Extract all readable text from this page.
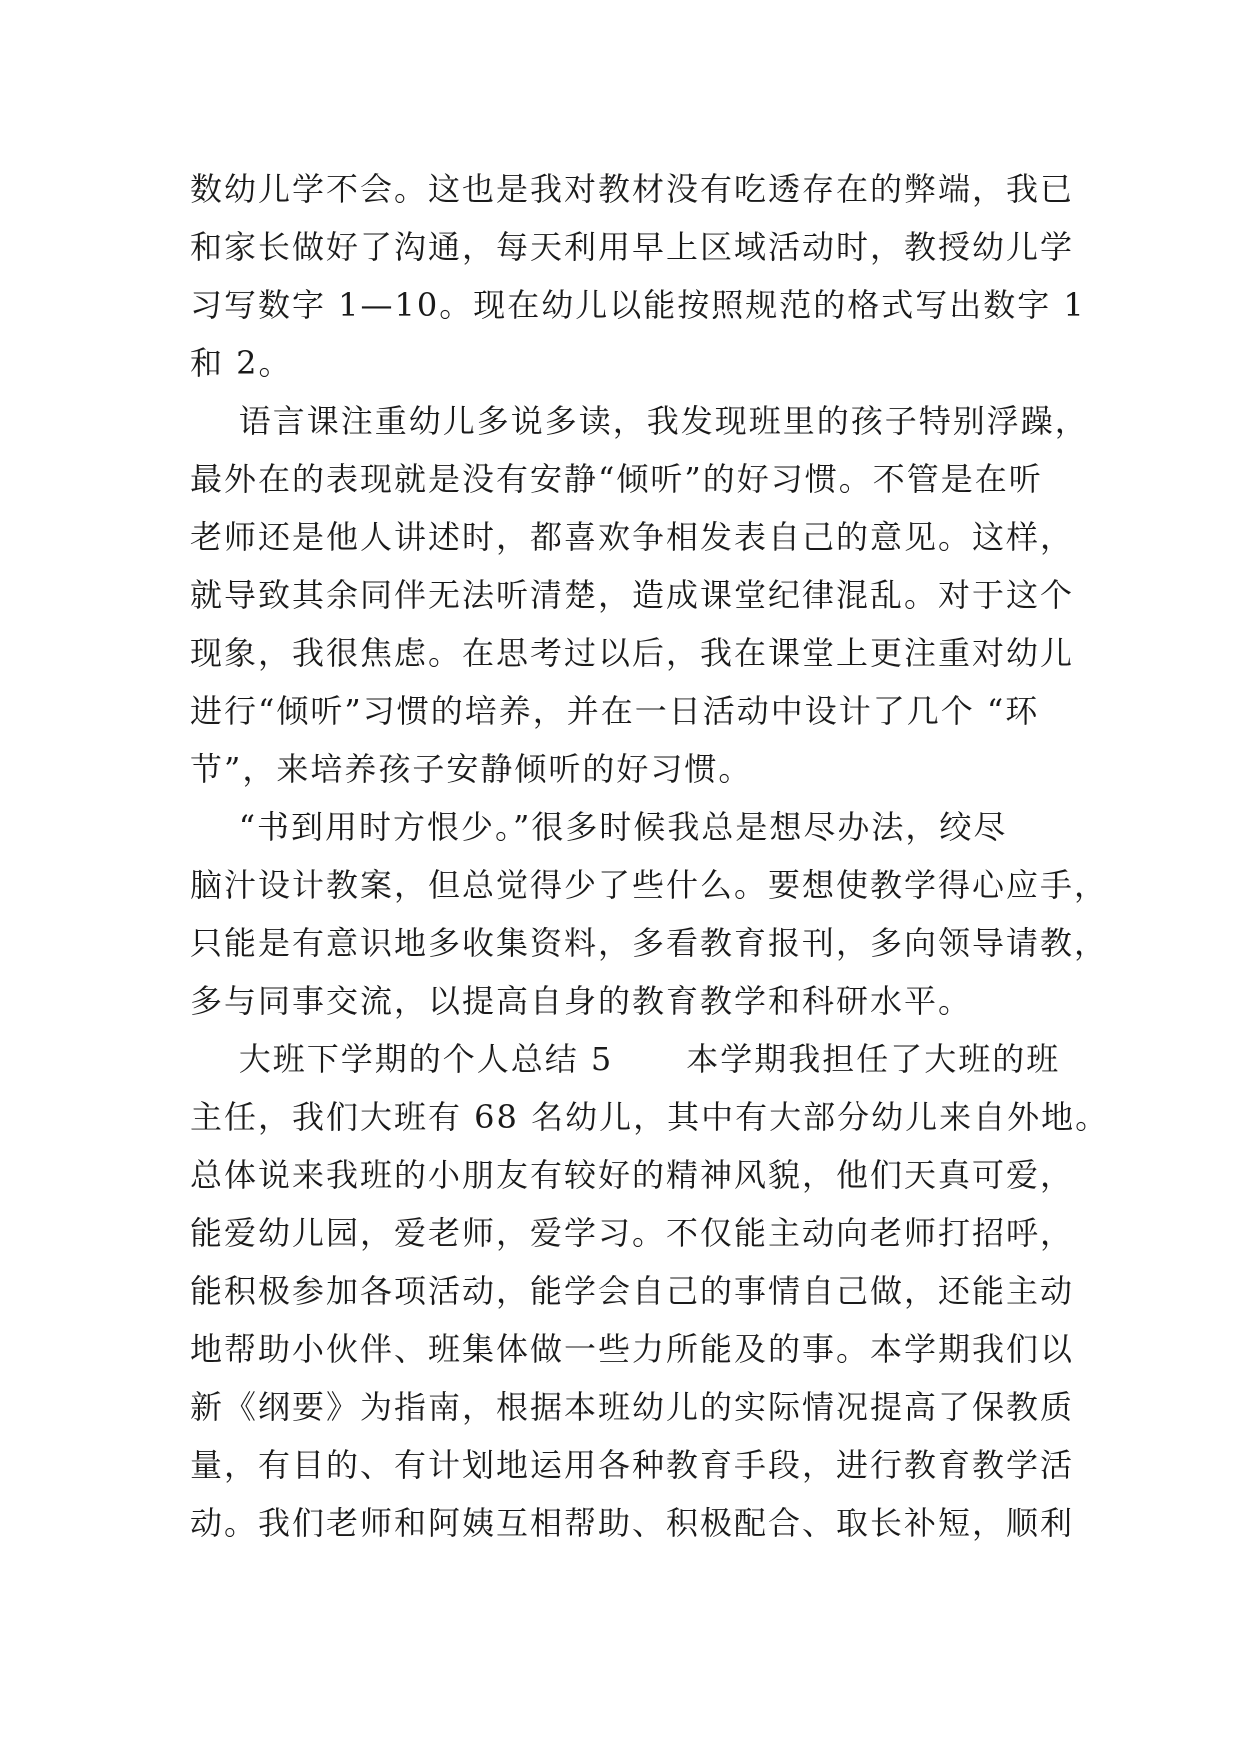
数幼儿学不会。这也是我对教材没有吃透存在的弊端，我已
和家长做好了沟通，每天利用早上区域活动时，教授幼儿学
习写数字 1—10。现在幼儿以能按照规范的格式写出数字 1
和 2。
语言课注重幼儿多说多读，我发现班里的孩子特别浮躁，
最外在的表现就是没有安静“倾听”的好习惯。不管是在听
老师还是他人讲述时，都喜欢争相发表自己的意见。这样，
就导致其余同伴无法听清楚，造成课堂纪律混乱。对于这个
现象，我很焦虑。在思考过以后，我在课堂上更注重对幼儿
进行“倾听”习惯的培养，并在一日活动中设计了几个 “环
节”，来培养孩子安静倾听的好习惯。
“书到用时方恨少。”很多时候我总是想尽办法，绞尽
脑汁设计教案，但总觉得少了些什么。要想使教学得心应手，
只能是有意识地多收集资料，多看教育报刊，多向领导请教，
多与同事交流，以提高自身的教育教学和科研水平。
大班下学期的个人总结 5      本学期我担任了大班的班
主任，我们大班有 68 名幼儿，其中有大部分幼儿来自外地。
总体说来我班的小朋友有较好的精神风貌，他们天真可爱，
能爱幼儿园，爱老师，爱学习。不仅能主动向老师打招呼，
能积极参加各项活动，能学会自己的事情自己做，还能主动
地帮助小伙伴、班集体做一些力所能及的事。本学期我们以
新《纲要》为指南，根据本班幼儿的实际情况提高了保教质
量，有目的、有计划地运用各种教育手段，进行教育教学活
动。我们老师和阿姨互相帮助、积极配合、取长补短，顺利
